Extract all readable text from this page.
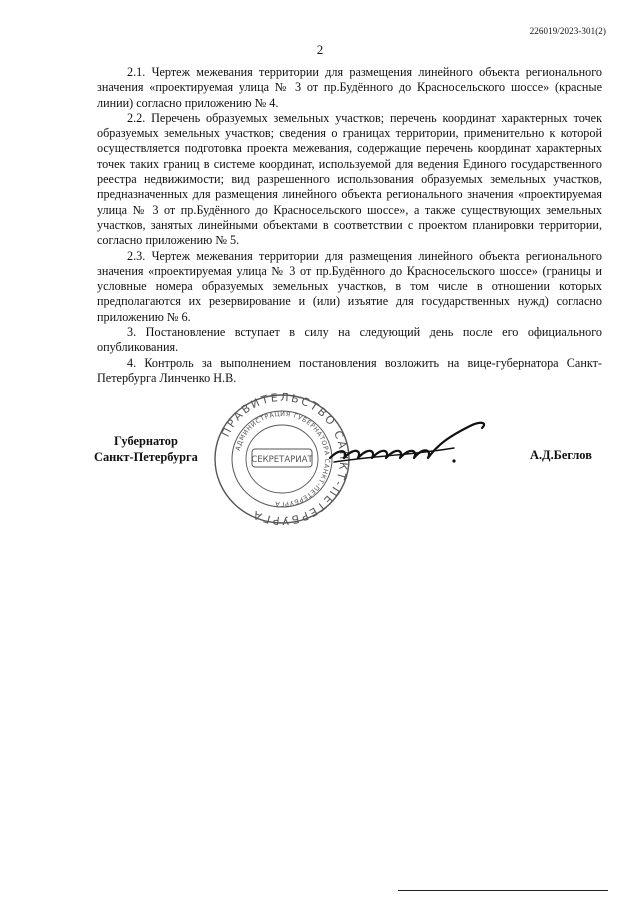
226019/2023-301(2)
2

2.1. Чертеж межевания территории для размещения линейного объекта регионального значения «проектируемая улица № 3 от пр.Будённого до Красносельского шоссе» (красные линии) согласно приложению № 4.

2.2. Перечень образуемых земельных участков; перечень координат характерных точек образуемых земельных участков; сведения о границах территории, применительно к которой осуществляется подготовка проекта межевания, содержащие перечень координат характерных точек таких границ в системе координат, используемой для ведения Единого государственного реестра недвижимости; вид разрешенного использования образуемых земельных участков, предназначенных для размещения линейного объекта регионального значения «проектируемая улица № 3 от пр.Будённого до Красносельского шоссе», а также существующих земельных участков, занятых линейными объектами в соответствии с проектом планировки территории, согласно приложению № 5.

2.3. Чертеж межевания территории для размещения линейного объекта регионального значения «проектируемая улица № 3 от пр.Будённого до Красносельского шоссе» (границы и условные номера образуемых земельных участков, в том числе в отношении которых предполагаются их резервирование и (или) изъятие для государственных нужд) согласно приложению № 6.

3. Постановление вступает в силу на следующий день после его официального опубликования.

4. Контроль за выполнением постановления возложить на вице-губернатора Санкт-Петербурга Линченко Н.В.

Губернатор
Санкт-Петербурга
ПРАВИТЕЛЬСТВО САНКТ-ПЕТЕРБУРГА
АДМИНИСТРАЦИЯ ГУБЕРНАТОРА САНКТ-ПЕТЕРБУРГА
СЕКРЕТАРИАТ	А.Д.Беглов
